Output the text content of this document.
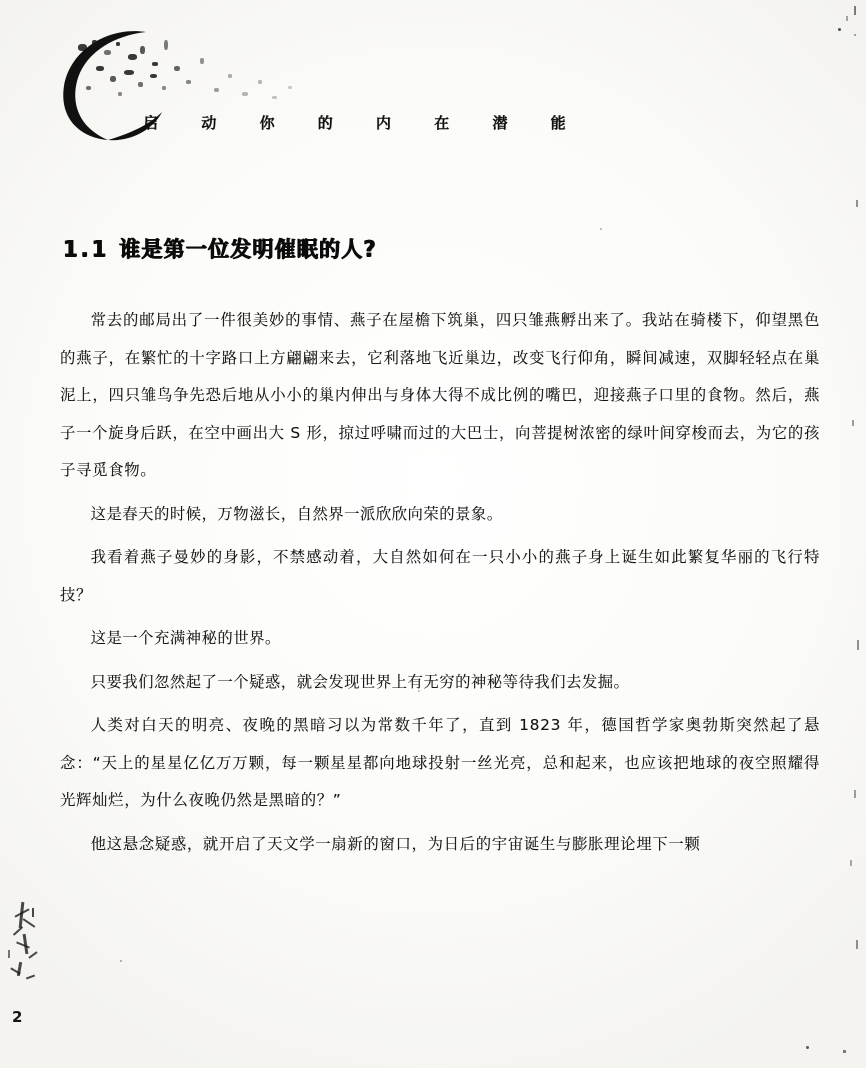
启 动 你 的 内 在 潜 能
1.1 谁是第一位发明催眠的人?

常去的邮局出了一件很美妙的事情、燕子在屋檐下筑巢，四只雏燕孵出来了。我站在骑楼下，仰望黑色的燕子，在繁忙的十字路口上方翩翩来去，它利落地飞近巢边，改变飞行仰角，瞬间减速，双脚轻轻点在巢泥上，四只雏鸟争先恐后地从小小的巢内伸出与身体大得不成比例的嘴巴，迎接燕子口里的食物。然后，燕子一个旋身后跃，在空中画出大 S 形，掠过呼啸而过的大巴士，向菩提树浓密的绿叶间穿梭而去，为它的孩子寻觅食物。

这是春天的时候，万物滋长，自然界一派欣欣向荣的景象。

我看着燕子曼妙的身影，不禁感动着，大自然如何在一只小小的燕子身上诞生如此繁复华丽的飞行特技？

这是一个充满神秘的世界。

只要我们忽然起了一个疑惑，就会发现世界上有无穷的神秘等待我们去发掘。

人类对白天的明亮、夜晚的黑暗习以为常数千年了，直到 1823 年，德国哲学家奥勃斯突然起了悬念：“天上的星星亿亿万万颗，每一颗星星都向地球投射一丝光亮，总和起来，也应该把地球的夜空照耀得光辉灿烂，为什么夜晚仍然是黑暗的？”

他这悬念疑惑，就开启了天文学一扇新的窗口，为日后的宇宙诞生与膨胀理论埋下一颗

2
